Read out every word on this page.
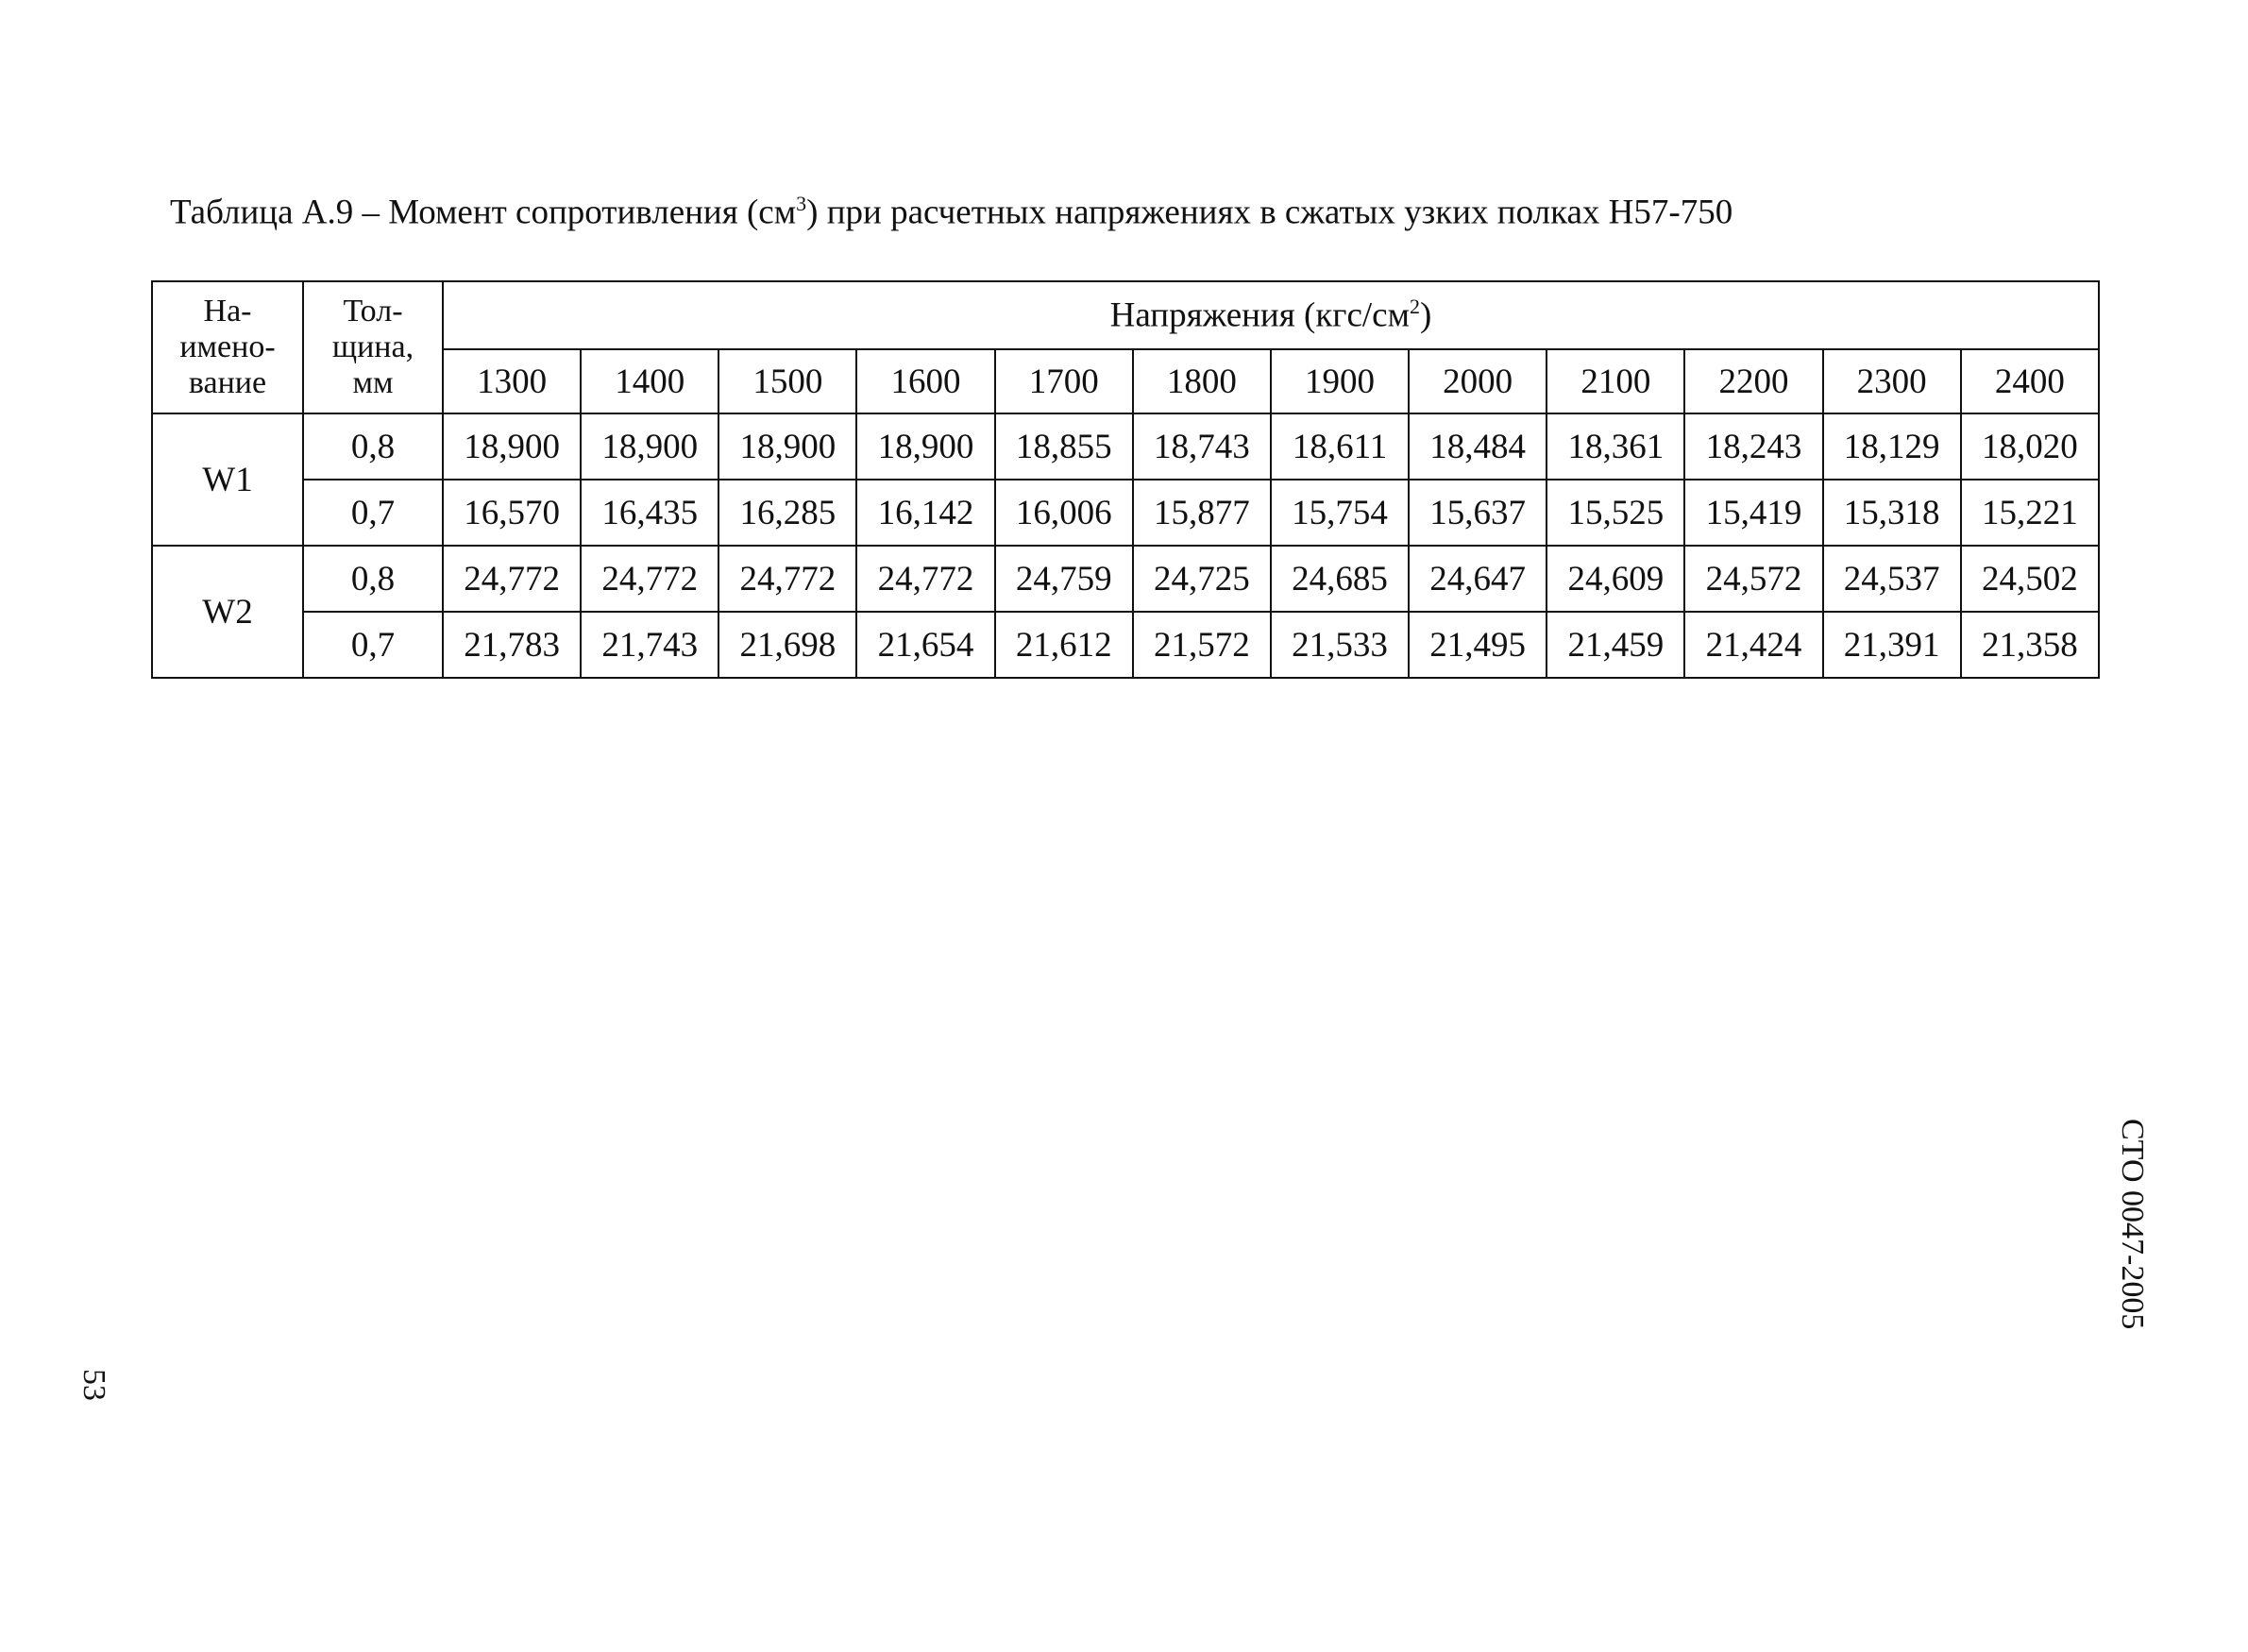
Таблица А.9 – Момент сопротивления $(см^3)$ при расчетных напряжениях в сжатых узких полках Н57-750
На-
имено-
вание	Тол-
щина,
мм	Напряжения $(кгс/см^2)$											
		1300	1400	1500	1600	1700	1800	1900	2000	2100	2200	2300	2400
W1	0,8	18,900	18,900	18,900	18,900	18,855	18,743	18,611	18,484	18,361	18,243	18,129	18,020
	0,7	16,570	16,435	16,285	16,142	16,006	15,877	15,754	15,637	15,525	15,419	15,318	15,221
W2	0,8	24,772	24,772	24,772	24,772	24,759	24,725	24,685	24,647	24,609	24,572	24,537	24,502
	0,7	21,783	21,743	21,698	21,654	21,612	21,572	21,533	21,495	21,459	21,424	21,391	21,358
53
СТО 0047-2005
